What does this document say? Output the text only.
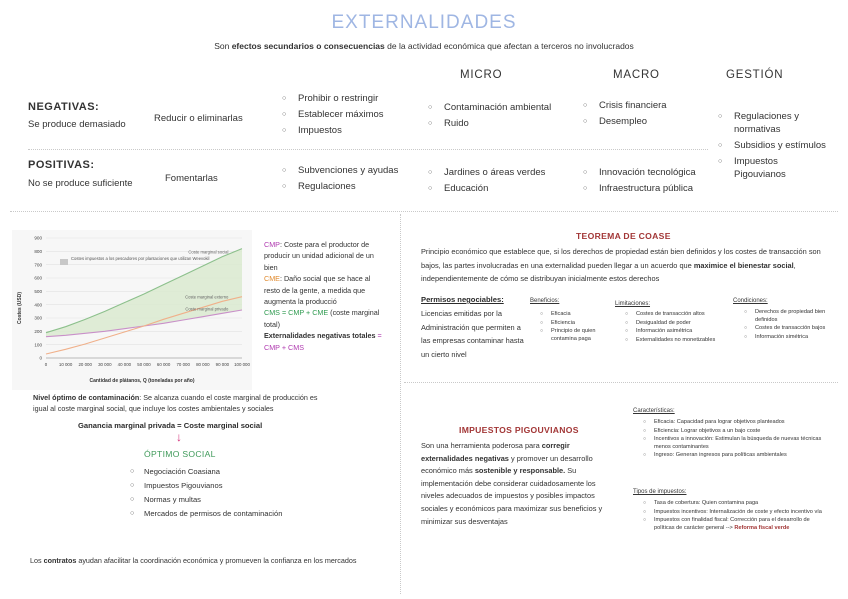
EXTERNALIDADES
Son efectos secundarios o consecuencias de la actividad económica que afectan a terceros no involucrados
MICRO	MACRO	GESTIÓN
NEGATIVAS:
Se produce demasiado
Reducir o eliminarlas
○ Prohibir o restringir
○ Establecer máximos
○ Impuestos
○ Contaminación ambiental
○ Ruido
○ Crisis financiera
○ Desempleo
○	Regulaciones y normativas
○ Subsidios y estímulos
○ Impuestos Pigouvianos
POSITIVAS:
No se produce suficiente	Fomentarlas
○ Subvenciones y ayudas
○ Regulaciones
○ Jardines o áreas verdes
○ Educación
○ Innovación tecnológica
○ Infraestructura pública
0
100
200
300
400
500
600
700
800
900
0	10 000 20 000 30 000 40 000 50 000 60 000 70 000 80 000 90 000 100 000
Coste marginal social
Coste marginal privado
Coste marginal externo
Costes impuestos a los pescadores por plantaciones que utilizan Weevokil
Costes (USD)
Cantidad de plátanos, Q (toneladas por año)
CMP: Coste para el productor de producir un unidad adicional de un bien
CME: Daño social que se hace al resto de la gente, a medida que augmenta la producció
CMS = CMP + CME (coste marginal total)
Externalidades negativas totales = CMP + CMS
Nivel óptimo de contaminación: Se alcanza cuando el coste marginal de producción es igual al coste marginal social, que incluye los costes ambientales y sociales
Ganancia marginal privada = Coste marginal social
↓
ÓPTIMO SOCIAL
○ Negociación Coasiana
○ Impuestos Pigouvianos
○ Normas y multas
○ Mercados de permisos de contaminación
Los contratos ayudan afacilitar la coordinación económica y promueven la confianza en los mercados
TEOREMA DE COASE
Principio económico que establece que, si los derechos de propiedad están bien definidos y los costes de transacción son bajos, las partes involucradas en una externalidad pueden llegar a un acuerdo que maximice el bienestar social, independientemente de cómo se distribuyan inicialmente estos derechos
Permisos negociables:
Licencias emitidas por la Administración que permiten a las empresas contaminar hasta un cierto nivel
Beneficios:
○ Eficacia
○ Eficiencia
○ Principio de quien contamina paga
Limitaciones:
○ Costes de transacción altos
○ Desigualdad de poder
○ Información asimétrica
○ Externalidades no monetizables
Condiciones:
○ Derechos de propiedad bien definidos
○ Costes de transacción bajos
○ Información simétrica
IMPUESTOS PIGOUVIANOS
Son una herramienta poderosa para corregir externalidades negativas y promover un desarrollo económico más sostenible y responsable. Su implementación debe considerar cuidadosamente los niveles adecuados de impuestos y posibles impactos sociales y económicos para maximizar sus beneficios y minimizar sus desventajas
Características:
○ Eficacia: Capacidad para lograr objetivos planteados
○ Eficiencia: Lograr objetivos a un bajo coste
○ Incentivos a innovación: Estimulan la búsqueda de nuevas técnicas menos contaminantes
○ Ingreso: Generan ingresos para políticas ambientales
Tipos de impuestos:
○ Tasa de cobertura: Quien contamina paga
○ Impuestos incentivos: Internalización de coste y efecto incentivo vía
○ Impuestos con finalidad fiscal: Corrección para el desarrollo de políticas de carácter general --> Reforma fiscal verde
